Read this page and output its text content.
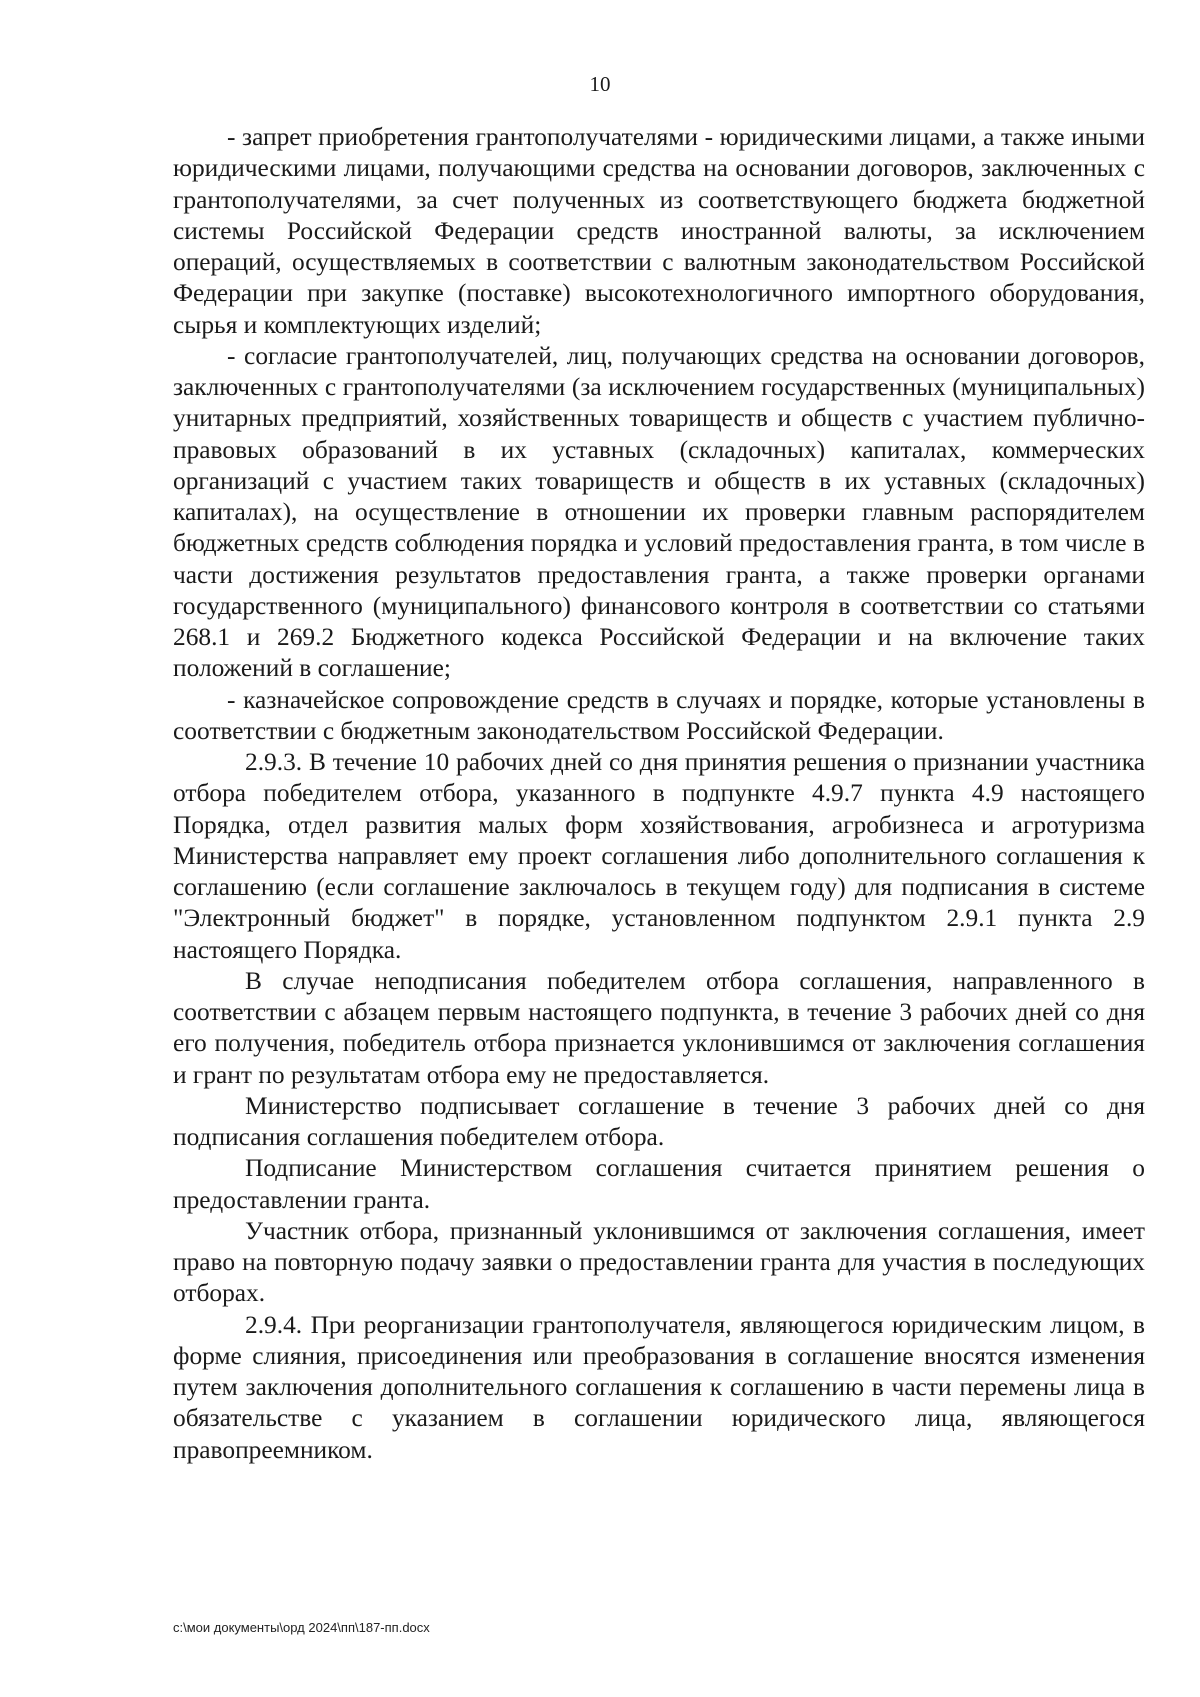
10

- запрет приобретения грантополучателями - юридическими лицами, а также иными юридическими лицами, получающими средства на основании договоров, заключенных с грантополучателями, за счет полученных из соответствующего бюджета бюджетной системы Российской Федерации средств иностранной валюты, за исключением операций, осуществляемых в соответствии с валютным законодательством Российской Федерации при закупке (поставке) высокотехнологичного импортного оборудования, сырья и комплектующих изделий;

- согласие грантополучателей, лиц, получающих средства на основании договоров, заключенных с грантополучателями (за исключением государственных (муниципальных) унитарных предприятий, хозяйственных товариществ и обществ с участием публично-правовых образований в их уставных (складочных) капиталах, коммерческих организаций с участием таких товариществ и обществ в их уставных (складочных) капиталах), на осуществление в отношении их проверки главным распорядителем бюджетных средств соблюдения порядка и условий предоставления гранта, в том числе в части достижения результатов предоставления гранта, а также проверки органами государственного (муниципального) финансового контроля в соответствии со статьями 268.1 и 269.2 Бюджетного кодекса Российской Федерации и на включение таких положений в соглашение;

- казначейское сопровождение средств в случаях и порядке, которые установлены в соответствии с бюджетным законодательством Российской Федерации.

2.9.3. В течение 10 рабочих дней со дня принятия решения о признании участника отбора победителем отбора, указанного в подпункте 4.9.7 пункта 4.9 настоящего Порядка, отдел развития малых форм хозяйствования, агробизнеса и агротуризма Министерства направляет ему проект соглашения либо дополнительного соглашения к соглашению (если соглашение заключалось в текущем году) для подписания в системе "Электронный бюджет" в порядке, установленном подпунктом 2.9.1 пункта 2.9 настоящего Порядка.

В случае неподписания победителем отбора соглашения, направленного в соответствии с абзацем первым настоящего подпункта, в течение 3 рабочих дней со дня его получения, победитель отбора признается уклонившимся от заключения соглашения и грант по результатам отбора ему не предоставляется.

Министерство подписывает соглашение в течение 3 рабочих дней со дня подписания соглашения победителем отбора.

Подписание Министерством соглашения считается принятием решения о предоставлении гранта.

Участник отбора, признанный уклонившимся от заключения соглашения, имеет право на повторную подачу заявки о предоставлении гранта для участия в последующих отборах.

2.9.4. При реорганизации грантополучателя, являющегося юридическим лицом, в форме слияния, присоединения или преобразования в соглашение вносятся изменения путем заключения дополнительного соглашения к соглашению в части перемены лица в обязательстве с указанием в соглашении юридического лица, являющегося правопреемником.

c:\мои документы\орд 2024\пп\187-пп.docx
